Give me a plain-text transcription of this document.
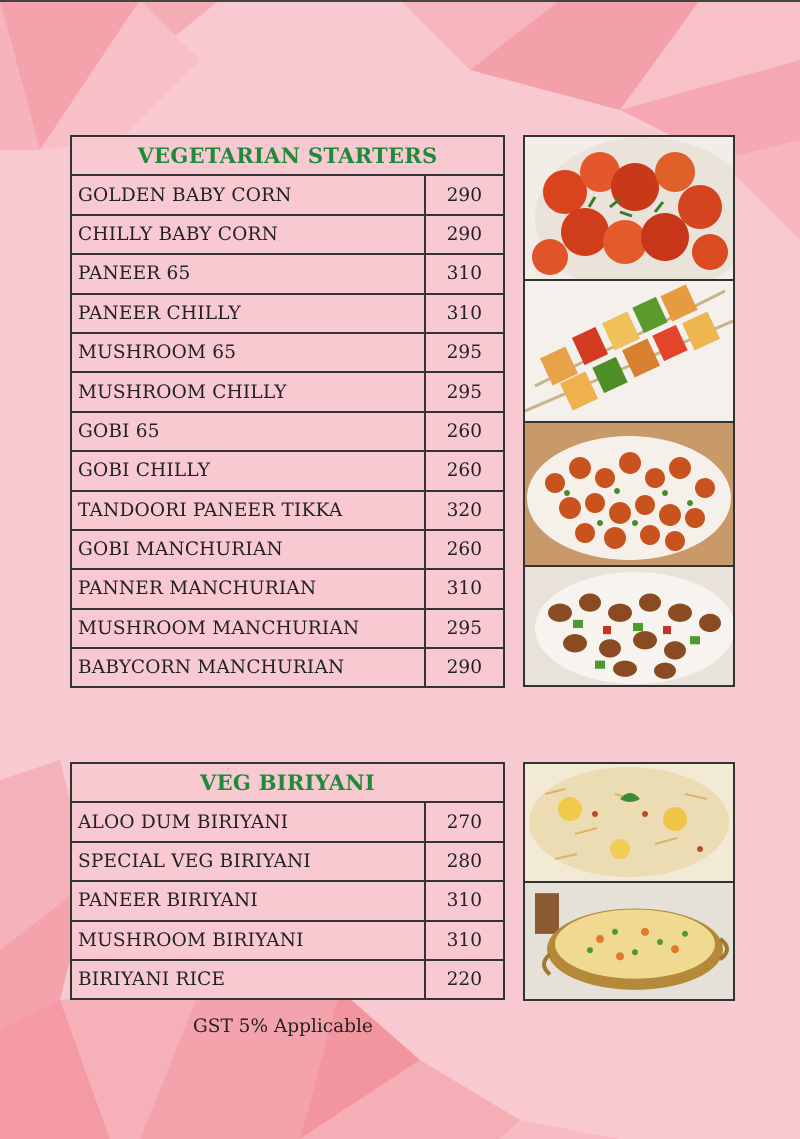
VEGETARIAN STARTERS	
GOLDEN BABY CORN	290
CHILLY BABY CORN	290
PANEER 65	310
PANEER CHILLY	310
MUSHROOM 65	295
MUSHROOM CHILLY	295
GOBI 65	260
GOBI CHILLY	260
TANDOORI PANEER TIKKA	320
GOBI MANCHURIAN	260
PANNER MANCHURIAN	310
MUSHROOM MANCHURIAN	295
BABYCORN MANCHURIAN	290
VEG BIRIYANI	
ALOO DUM BIRIYANI	270
SPECIAL VEG BIRIYANI	280
PANEER BIRIYANI	310
MUSHROOM BIRIYANI	310
BIRIYANI RICE	220
GST 5% Applicable
